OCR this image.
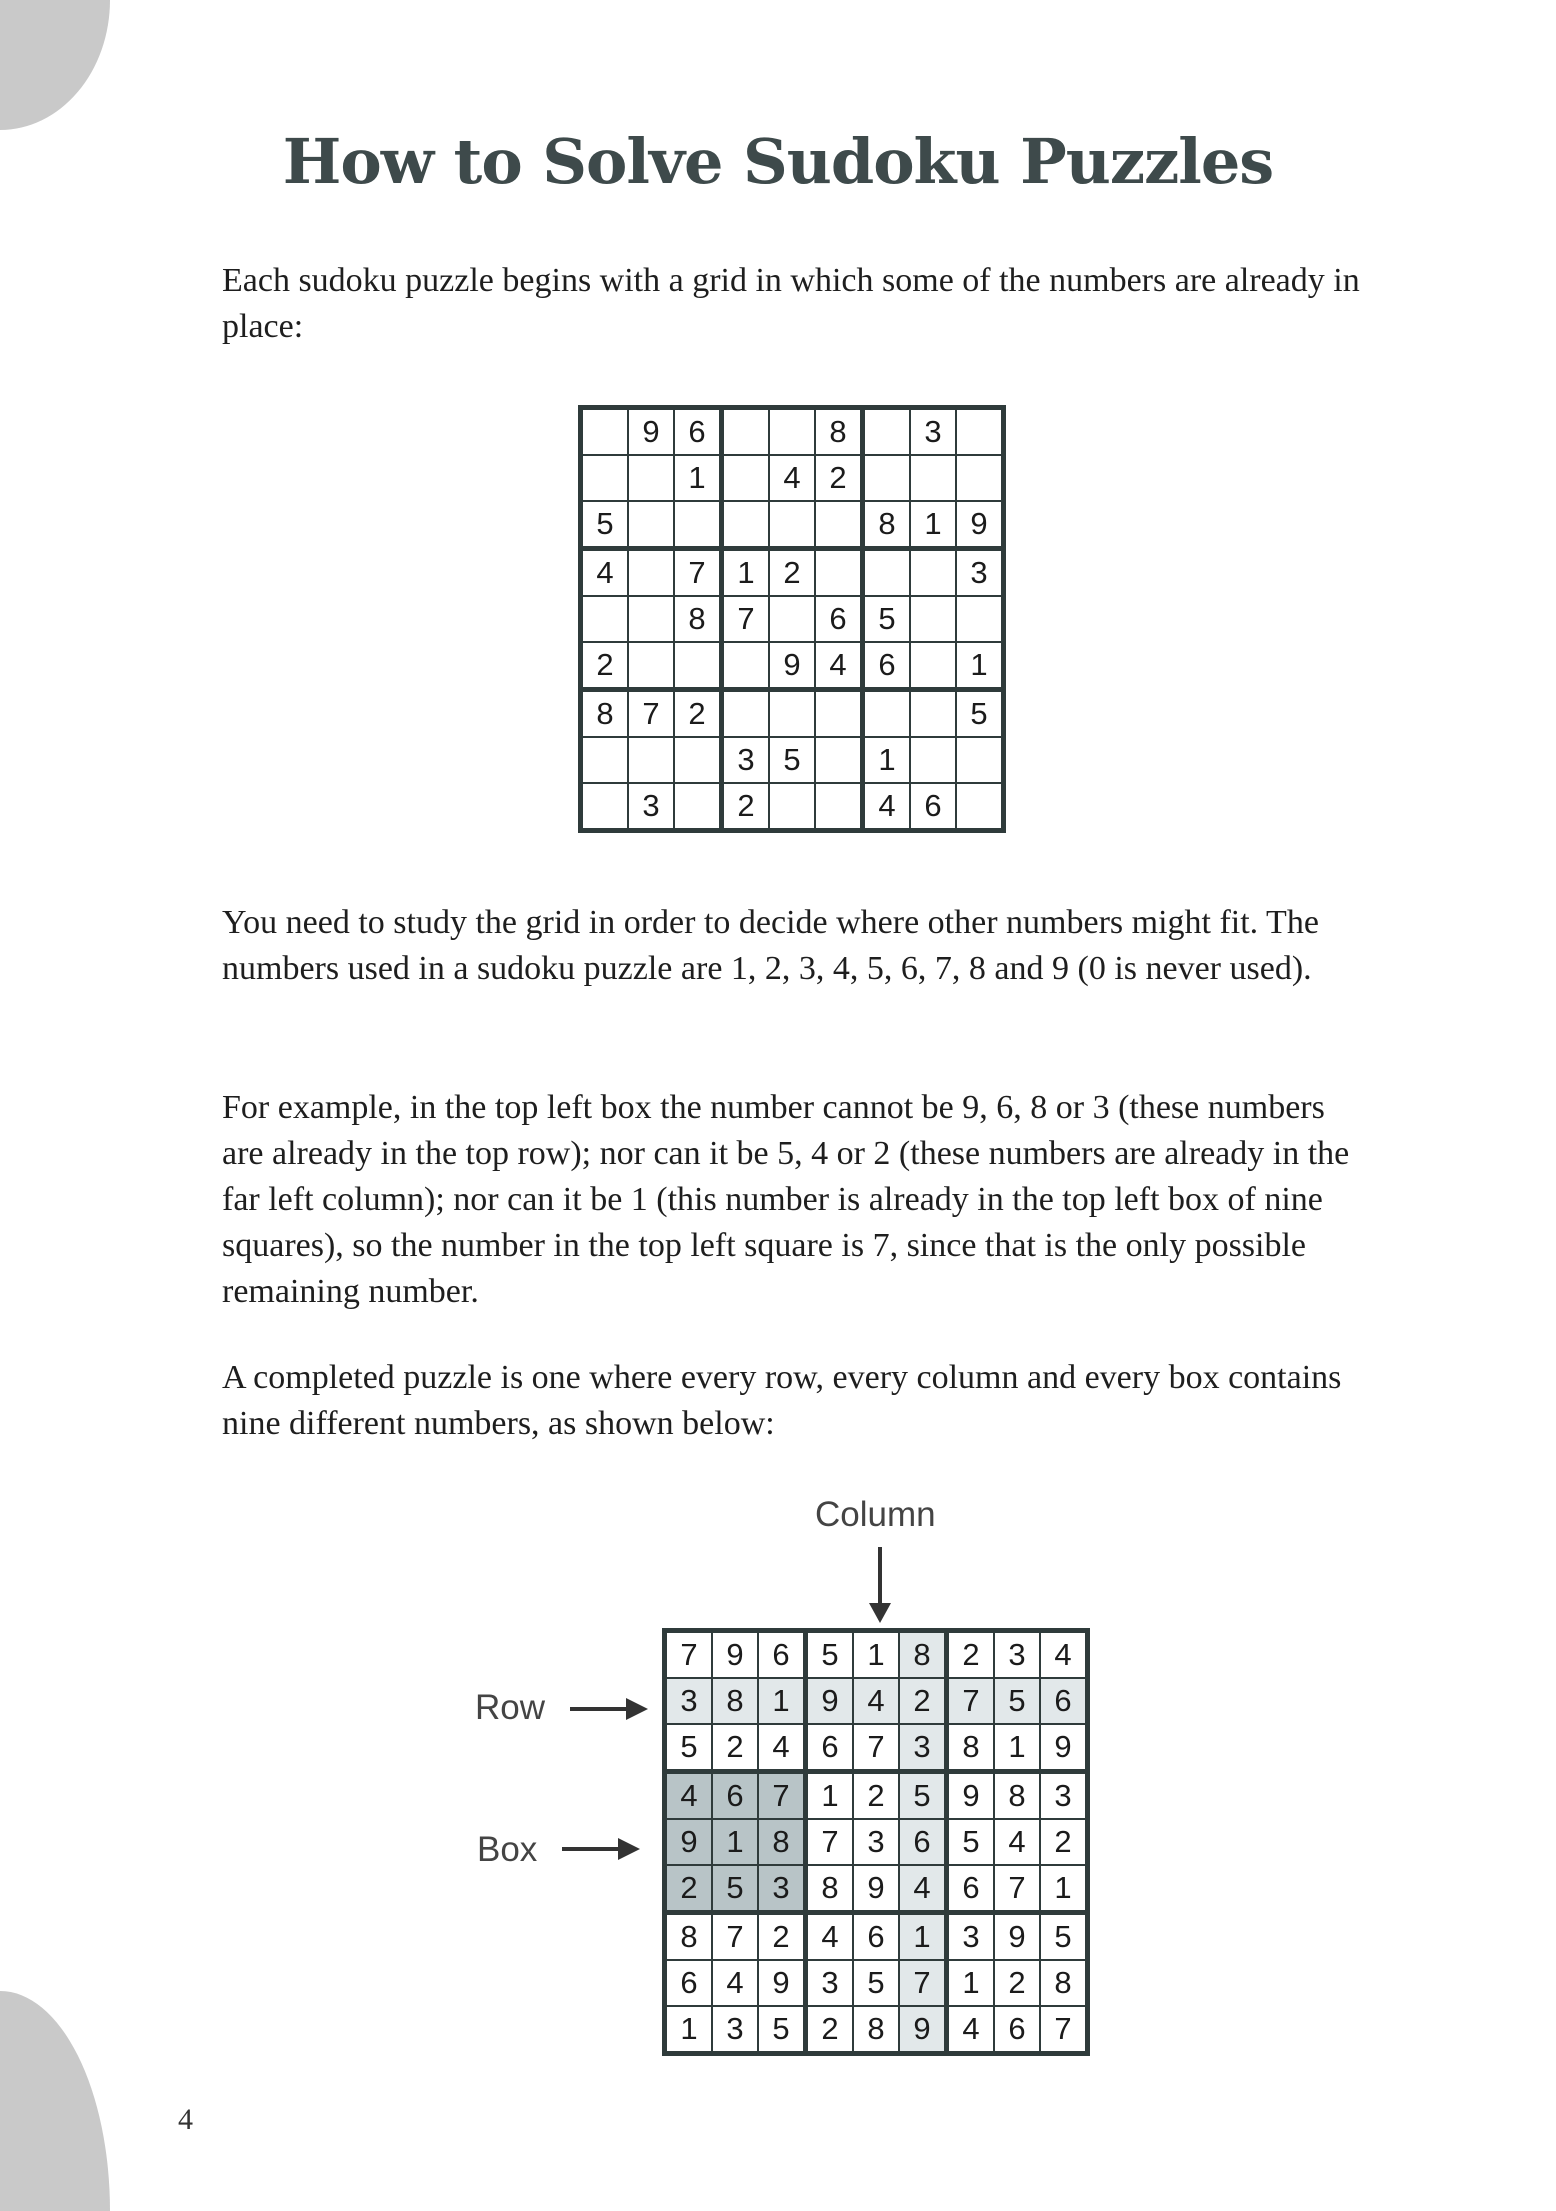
How to Solve Sudoku Puzzles

Each sudoku puzzle begins with a grid in which some of the numbers are already in place:

	9	6			8		3	
		1		4	2			
5						8	1	9
4		7	1	2				3
		8	7		6	5		
2				9	4	6		1
8	7	2						5
			3	5		1		
	3		2			4	6	

You need to study the grid in order to decide where other numbers might fit. The numbers used in a sudoku puzzle are 1, 2, 3, 4, 5, 6, 7, 8 and 9 (0 is never used).

For example, in the top left box the number cannot be 9, 6, 8 or 3 (these numbers are already in the top row); nor can it be 5, 4 or 2 (these numbers are already in the far left column); nor can it be 1 (this number is already in the top left box of nine squares), so the number in the top left square is 7, since that is the only possible remaining number.

A completed puzzle is one where every row, every column and every box contains nine different numbers, as shown below:

Column
Row
Box
7	9	6	5	1	8	2	3	4
3	8	1	9	4	2	7	5	6
5	2	4	6	7	3	8	1	9
4	6	7	1	2	5	9	8	3
9	1	8	7	3	6	5	4	2
2	5	3	8	9	4	6	7	1
8	7	2	4	6	1	3	9	5
6	4	9	3	5	7	1	2	8
1	3	5	2	8	9	4	6	7
4
